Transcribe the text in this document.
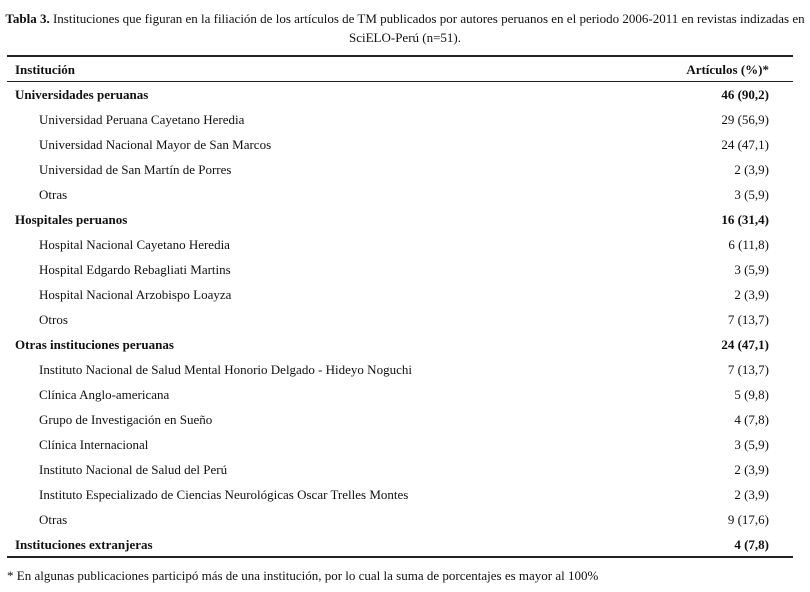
Tabla 3. Instituciones que figuran en la filiación de los artículos de TM publicados por autores peruanos en el periodo 2006-2011 en revistas indizadas en SciELO-Perú (n=51).
Institución	Artículos (%)*
Universidades peruanas	46 (90,2)
Universidad Peruana Cayetano Heredia	29 (56,9)
Universidad Nacional Mayor de San Marcos	24 (47,1)
Universidad de San Martín de Porres	2 (3,9)
Otras	3 (5,9)
Hospitales peruanos	16 (31,4)
Hospital Nacional Cayetano Heredia	6 (11,8)
Hospital Edgardo Rebagliati Martins	3 (5,9)
Hospital Nacional Arzobispo Loayza	2 (3,9)
Otros	7 (13,7)
Otras instituciones peruanas	24 (47,1)
Instituto Nacional de Salud Mental Honorio Delgado - Hideyo Noguchi	7 (13,7)
Clínica Anglo-americana	5 (9,8)
Grupo de Investigación en Sueño	4 (7,8)
Clínica Internacional	3 (5,9)
Instituto Nacional de Salud del Perú	2 (3,9)
Instituto Especializado de Ciencias Neurológicas Oscar Trelles Montes	2 (3,9)
Otras	9 (17,6)
Instituciones extranjeras	4 (7,8)
* En algunas publicaciones participó más de una institución, por lo cual la suma de porcentajes es mayor al 100%
